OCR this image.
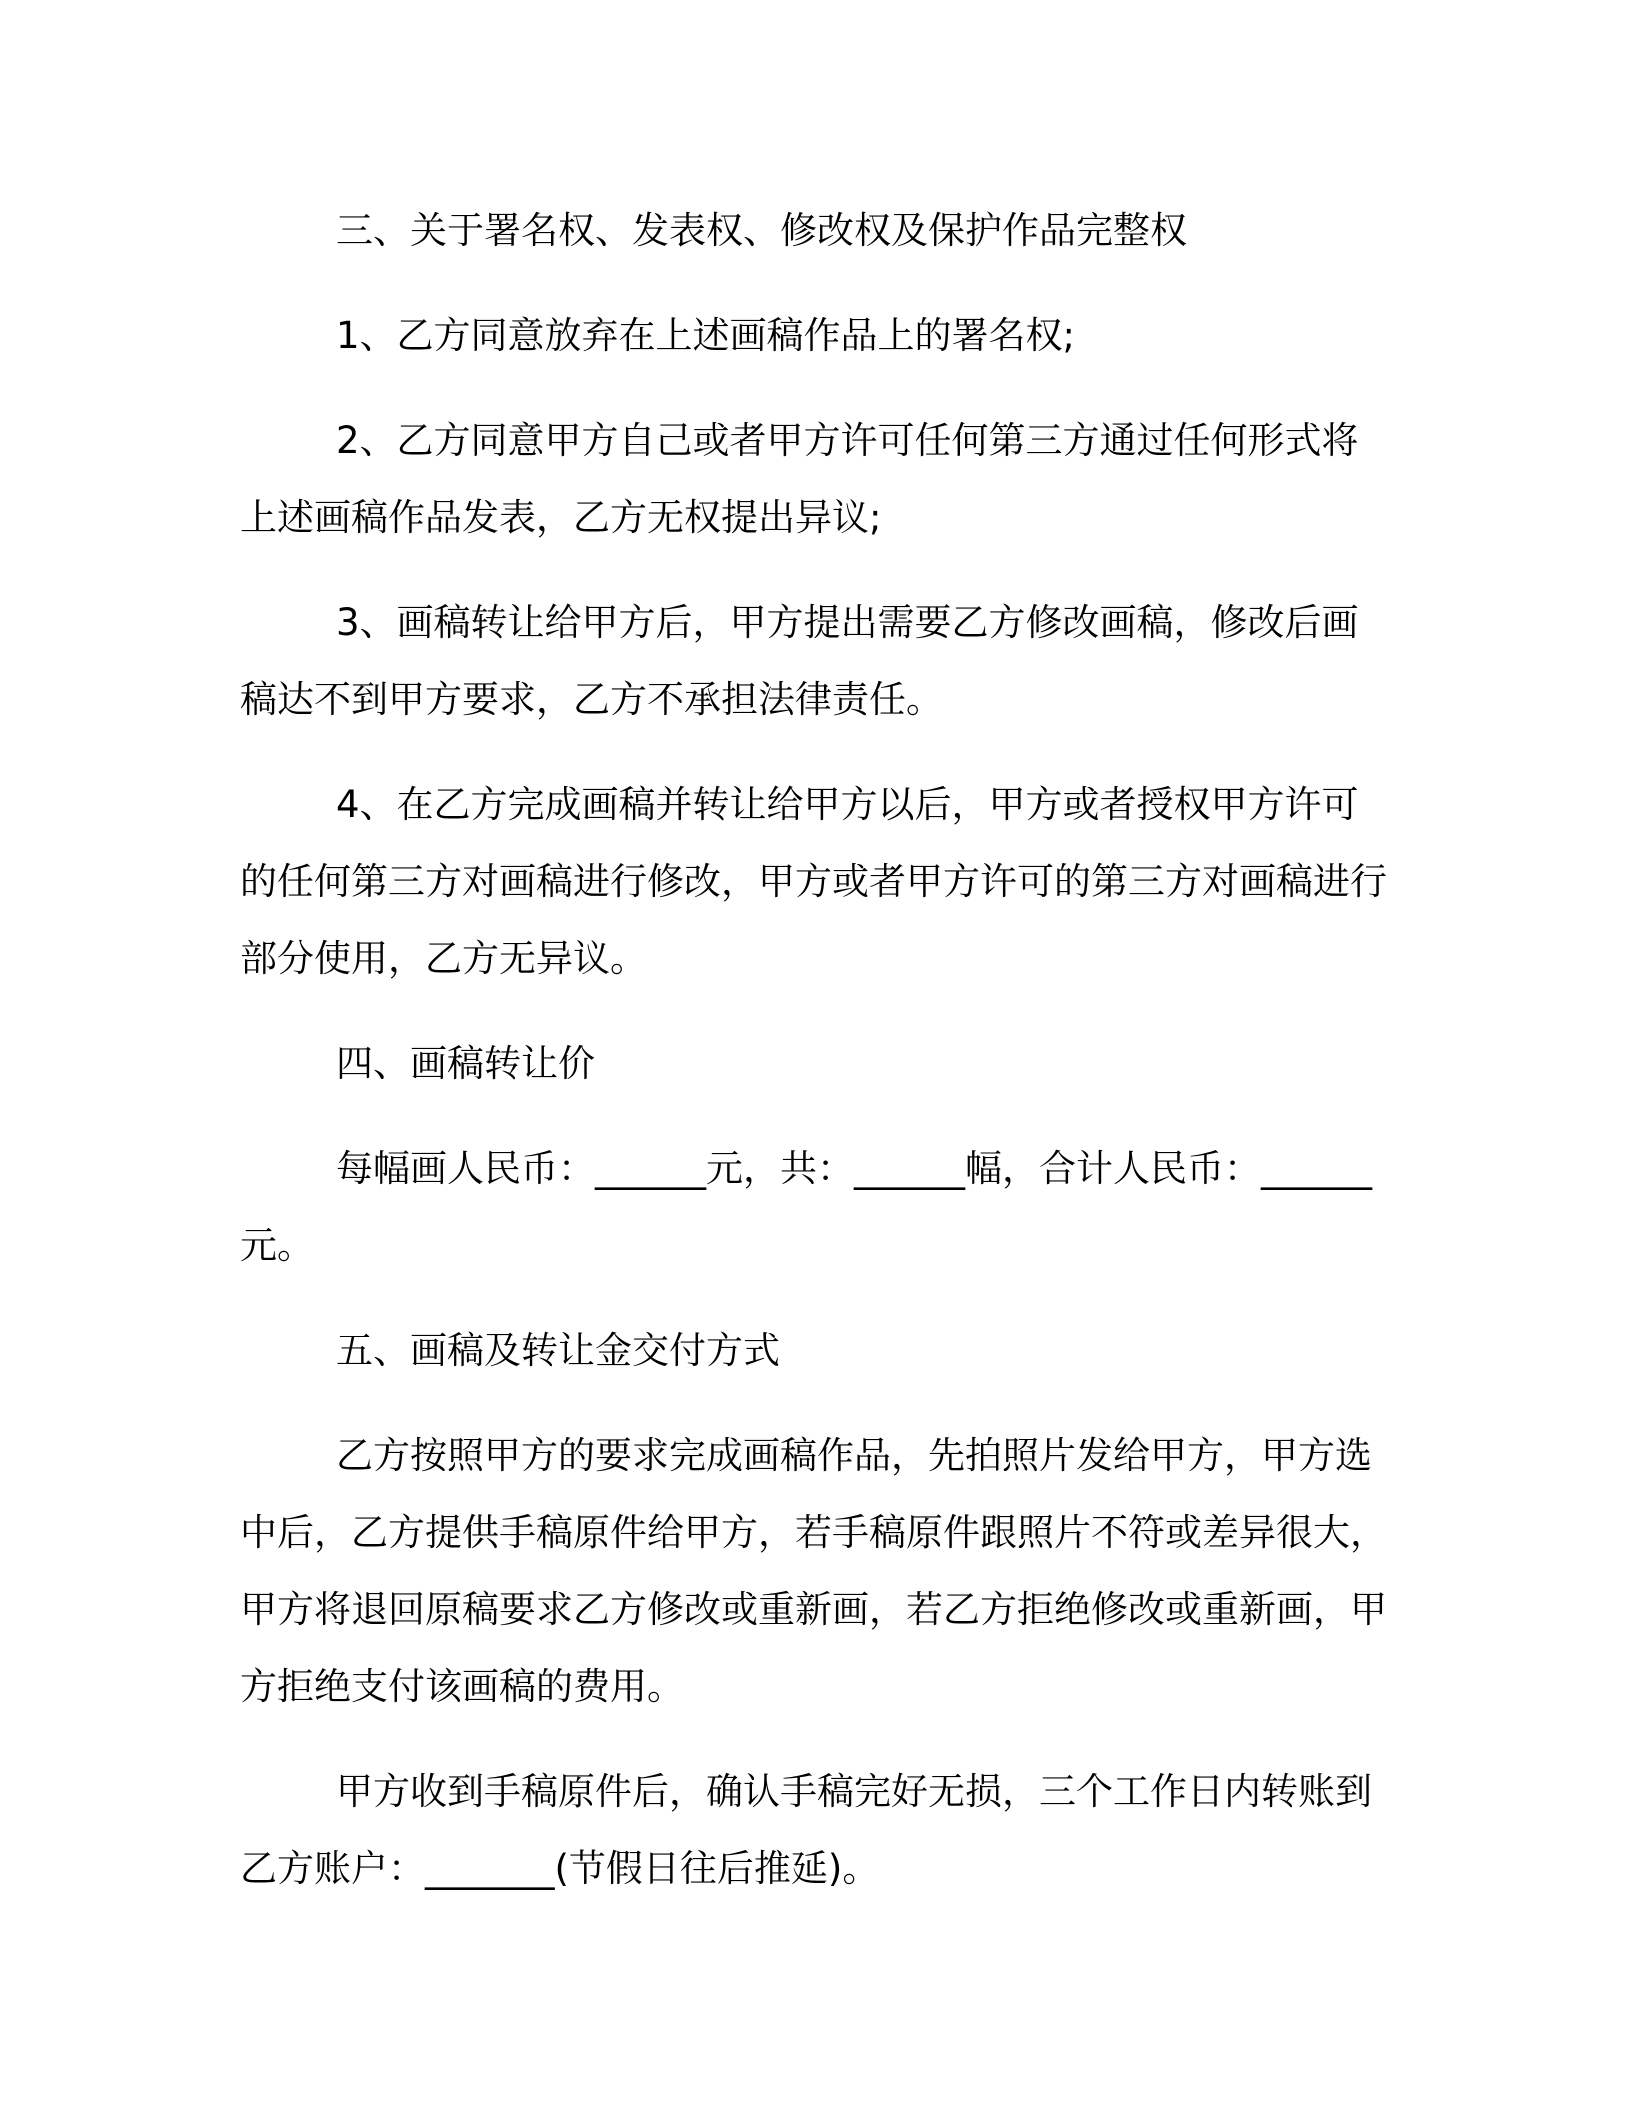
三、关于署名权、发表权、修改权及保护作品完整权

1、乙方同意放弃在上述画稿作品上的署名权;

2、乙方同意甲方自己或者甲方许可任何第三方通过任何形式将上述画稿作品发表，乙方无权提出异议;

3、画稿转让给甲方后，甲方提出需要乙方修改画稿，修改后画稿达不到甲方要求，乙方不承担法律责任。

4、在乙方完成画稿并转让给甲方以后，甲方或者授权甲方许可的任何第三方对画稿进行修改，甲方或者甲方许可的第三方对画稿进行部分使用，乙方无异议。

四、画稿转让价

每幅画人民币：______元，共：______幅，合计人民币：______元。

五、画稿及转让金交付方式

乙方按照甲方的要求完成画稿作品，先拍照片发给甲方，甲方选中后，乙方提供手稿原件给甲方，若手稿原件跟照片不符或差异很大，甲方将退回原稿要求乙方修改或重新画，若乙方拒绝修改或重新画，甲方拒绝支付该画稿的费用。

甲方收到手稿原件后，确认手稿完好无损，三个工作日内转账到乙方账户：_______(节假日往后推延)。
